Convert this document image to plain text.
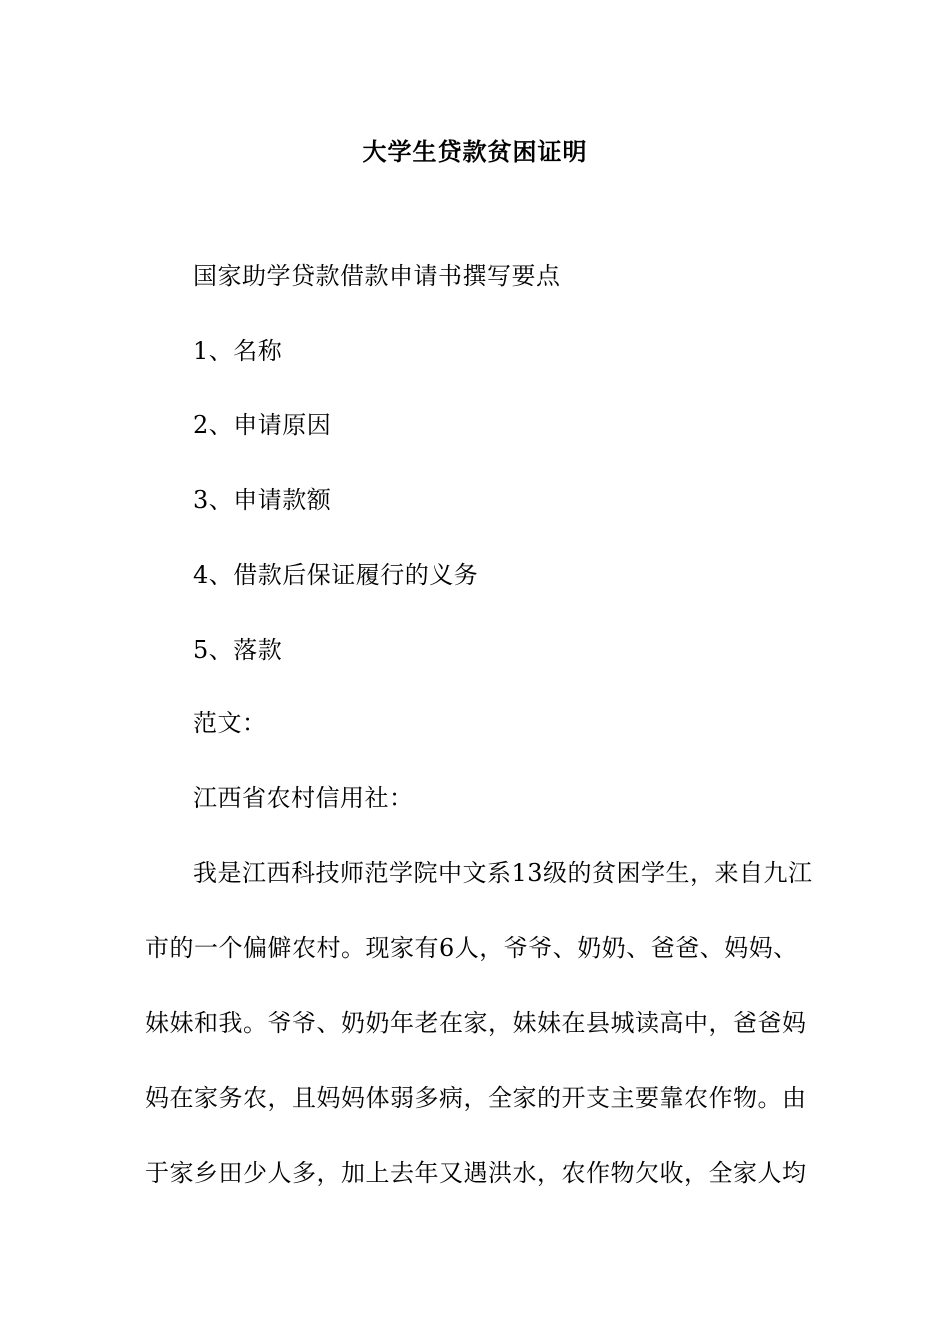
大学生贷款贫困证明
国家助学贷款借款申请书撰写要点
1、名称
2、申请原因
3、申请款额
4、借款后保证履行的义务
5、落款
范文：
江西省农村信用社：
我是江西科技师范学院中文系13级的贫困学生，来自九江
市的一个偏僻农村。现家有6人，爷爷、奶奶、爸爸、妈妈、
妹妹和我。爷爷、奶奶年老在家，妹妹在县城读高中，爸爸妈
妈在家务农，且妈妈体弱多病，全家的开支主要靠农作物。由
于家乡田少人多，加上去年又遇洪水，农作物欠收，全家人均
